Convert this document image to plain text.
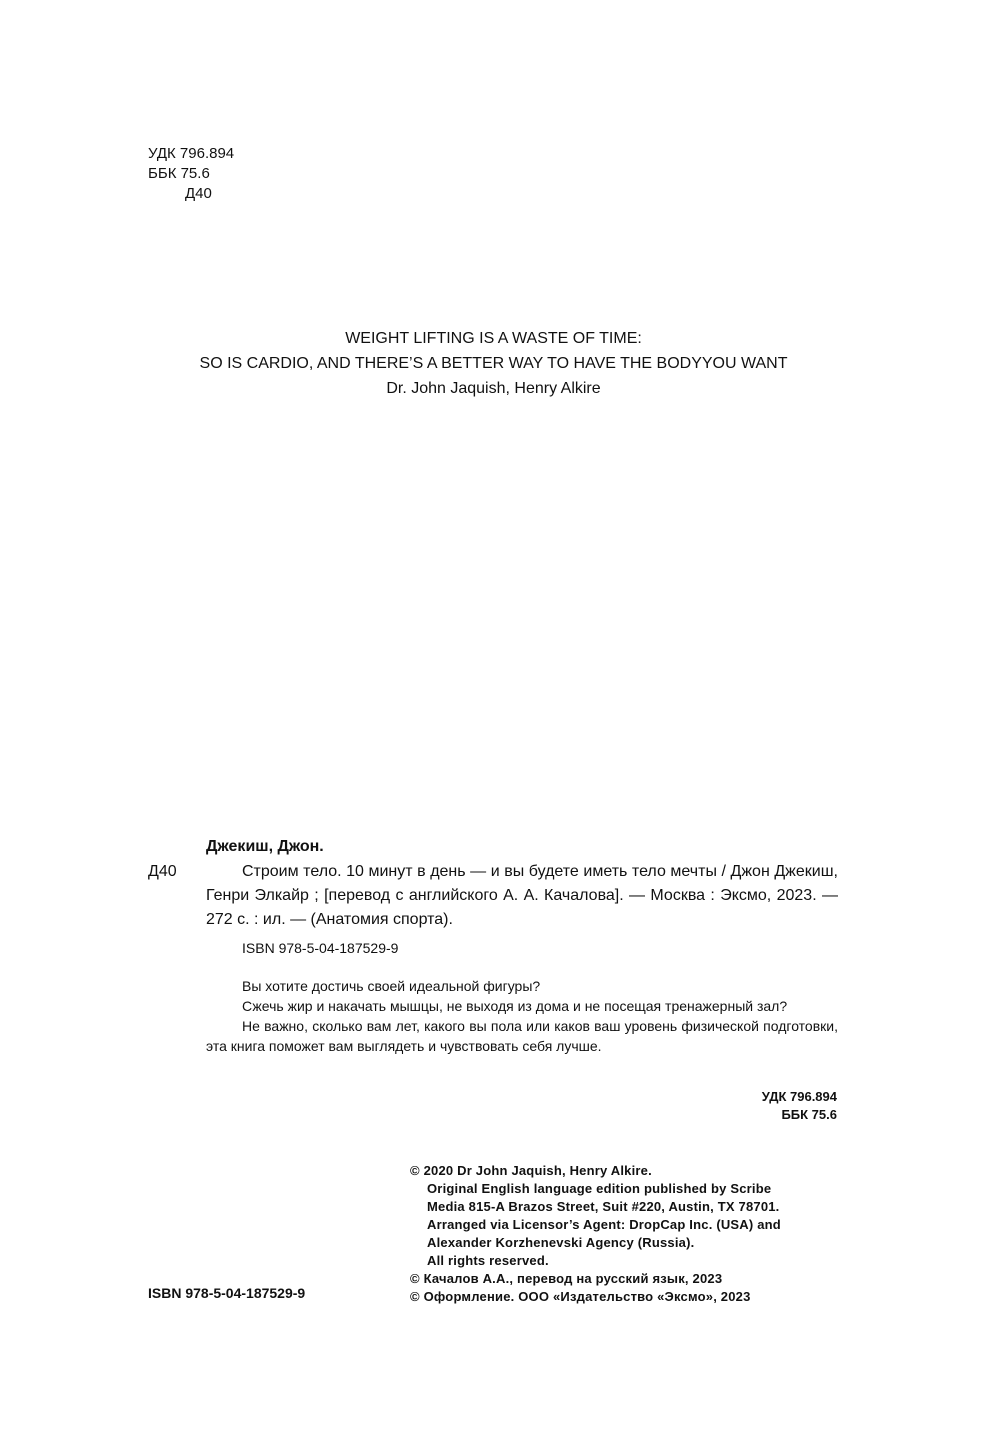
УДК 796.894
ББК 75.6
Д40
WEIGHT LIFTING IS A WASTE OF TIME:
SO IS CARDIO, AND THERE’S A BETTER WAY TO HAVE THE BODYYOU WANT
Dr. John Jaquish, Henry Alkire
Джекиш, Джон.
Д40	Строим тело. 10 минут в день — и вы будете иметь тело мечты / Джон Джекиш, Генри Элкайр ; [перевод с английского А. А. Качалова]. — Москва : Эксмо, 2023. — 272 с. : ил. — (Анатомия спорта).
ISBN 978-5-04-187529-9

Вы хотите достичь своей идеальной фигуры?

Сжечь жир и накачать мышцы, не выходя из дома и не посещая тренажерный зал?

Не важно, сколько вам лет, какого вы пола или каков ваш уровень физической подготовки, эта книга поможет вам выглядеть и чувствовать себя лучше.

УДК 796.894
ББК 75.6
© 2020 Dr John Jaquish, Henry Alkire.
Original English language edition published by Scribe
Media 815-A Brazos Street, Suit #220, Austin, TX 78701.
Arranged via Licensor’s Agent: DropCap Inc. (USA) and
Alexander Korzhenevski Agency (Russia).
All rights reserved.
© Качалов А.А., перевод на русский язык, 2023
© Оформление. ООО «Издательство «Эксмо», 2023
ISBN 978-5-04-187529-9
